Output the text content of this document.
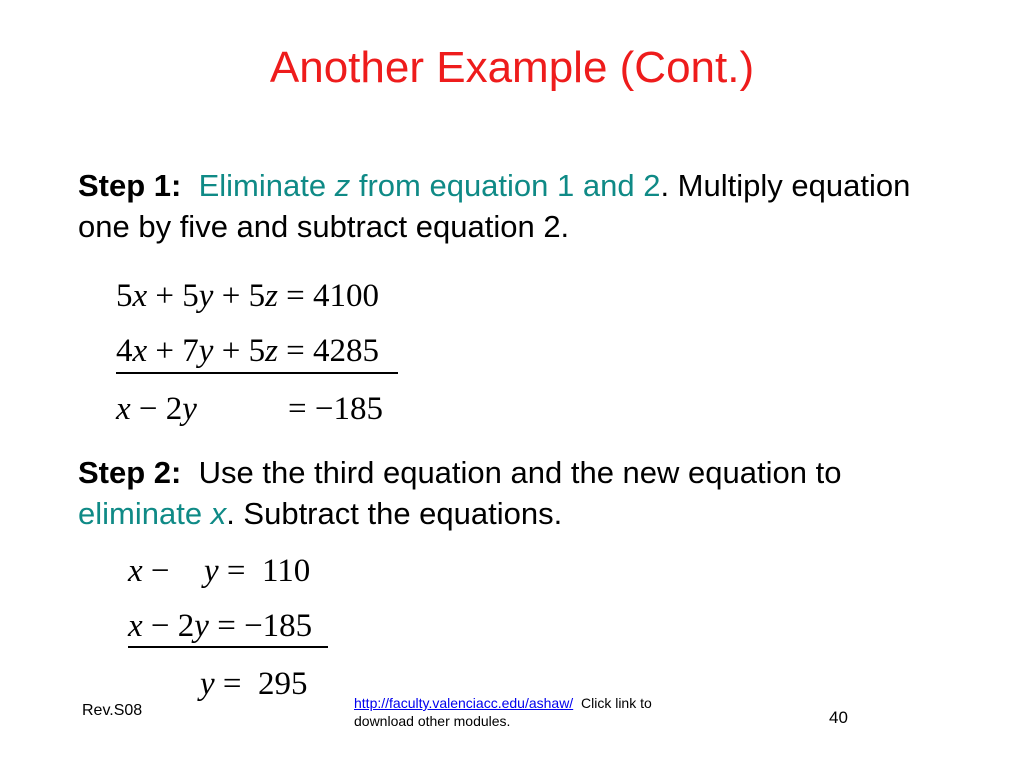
Another Example (Cont.)
Step 1: Eliminate z from equation 1 and 2. Multiply equation one by five and subtract equation 2.
5x + 5y + 5z = 4100
4x + 7y + 5z = 4285
x − 2y	= −185
Step 2: Use the third equation and the new equation to eliminate x. Subtract the equations.
x − y = 110
x − 2y = −185
y = 295
Rev.S08	http://faculty.valenciacc.edu/ashaw/ Click link to download other modules.	40
